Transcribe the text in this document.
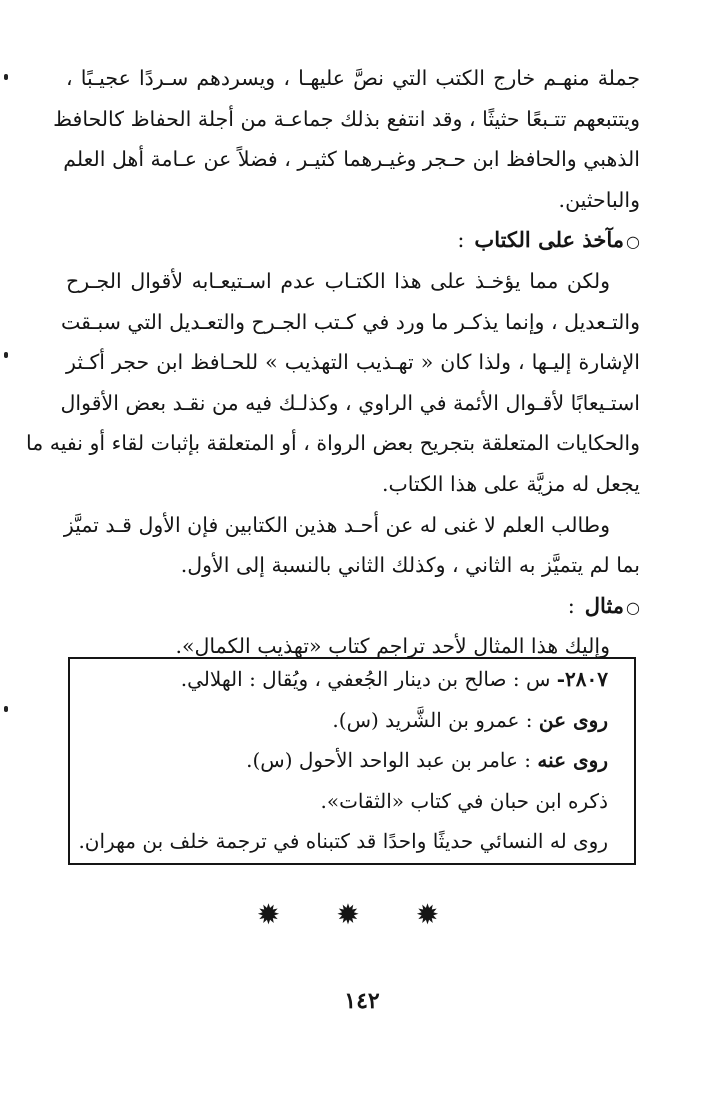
جملة منهـم خارج الكتب التي نصَّ عليهـا ، ويسردهم سـردًا عجيـبًا ،
ويتتبعهم تتـبعًا حثيثًا ، وقد انتفع بذلك جماعـة من أجلة الحفاظ كالحافظ
الذهبي والحافظ ابن حـجر وغيـرهما كثيـر ، فضلاً عن عـامة أهل العلم
والباحثين.
○مآخذ على الكتاب:
ولكن مما يؤخـذ على هذا الكتـاب عدم اسـتيعـابه لأقوال الجـرح
والتـعديل ، وإنما يذكـر ما ورد في كـتب الجـرح والتعـديل التي سبـقت
الإشارة إليـها ، ولذا كان « تهـذيب التهذيب » للحـافظ ابن حجر أكـثر
استـيعابًا لأقـوال الأئمة في الراوي ، وكذلـك فيه من نقـد بعض الأقوال
والحكايات المتعلقة بتجريح بعض الرواة ، أو المتعلقة بإثبات لقاء أو نفيه ما
يجعل له مزيَّة على هذا الكتاب.
وطالب العلم لا غنى له عن أحـد هذين الكتابين فإن الأول قـد تميَّز
بما لم يتميَّز به الثاني ، وكذلك الثاني بالنسبة إلى الأول.
○مثال:
وإليك هذا المثال لأحد تراجم كتاب «تهذيب الكمال».
٢٨٠٧- س : صالح بن دينار الجُعفي ، ويُقال : الهلالي.
روى عن : عمرو بن الشَّريد (س).
روى عنه : عامر بن عبد الواحد الأحول (س).
ذكره ابن حبان في كتاب «الثقات».
روى له النسائي حديثًا واحدًا قد كتبناه في ترجمة خلف بن مهران.
✹ ✹ ✹
١٤٢
